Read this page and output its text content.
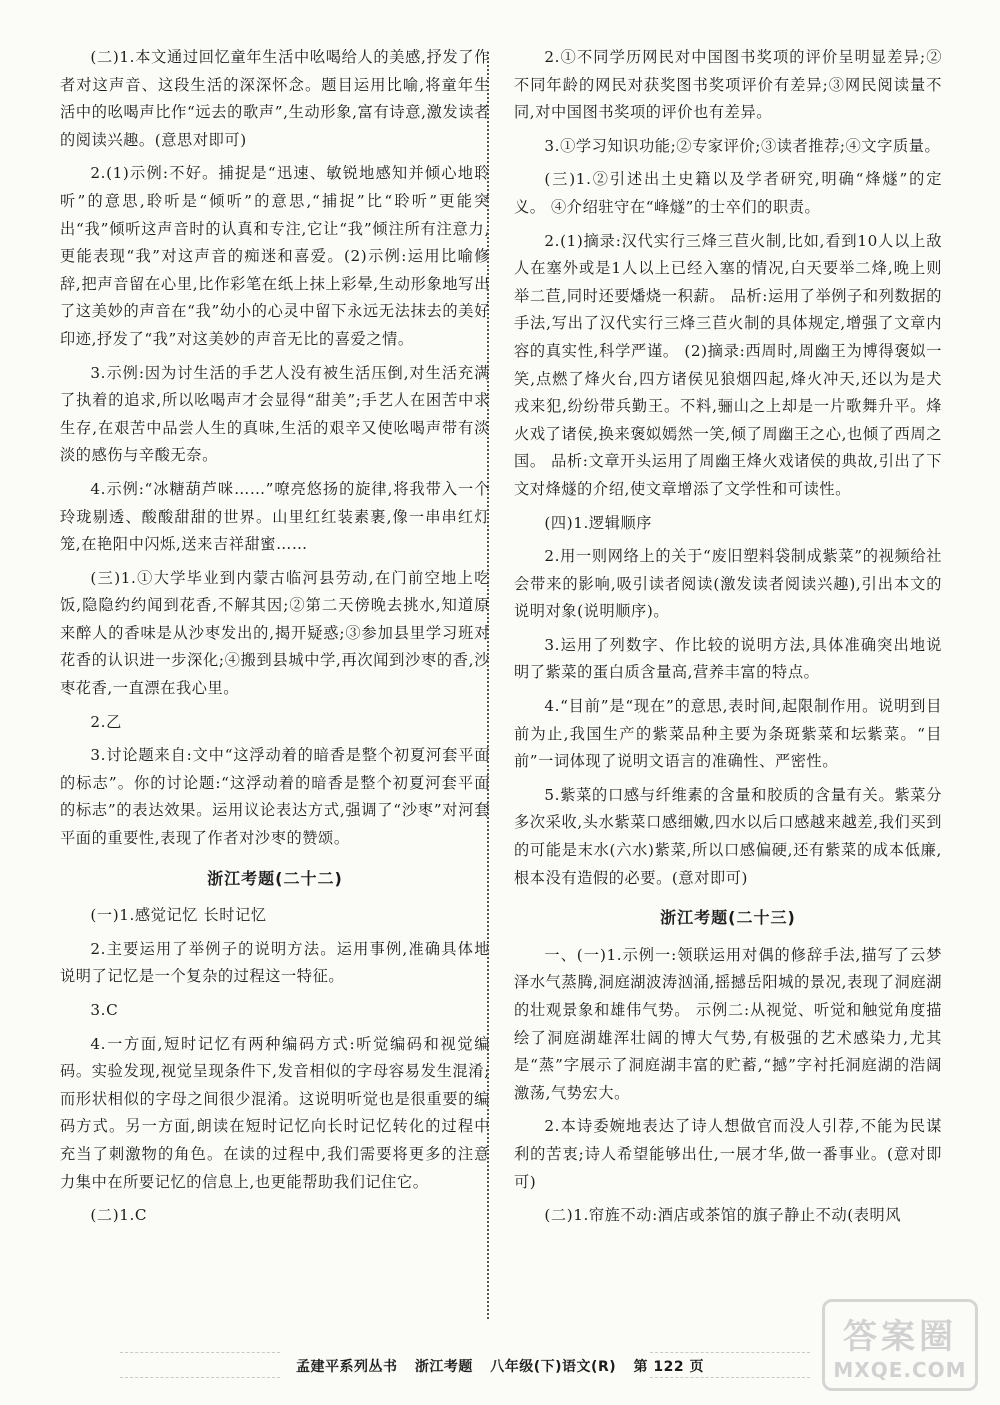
(二)1.本文通过回忆童年生活中吆喝给人的美感,抒发了作者对这声音、这段生活的深深怀念。题目运用比喻,将童年生活中的吆喝声比作“远去的歌声”,生动形象,富有诗意,激发读者的阅读兴趣。(意思对即可)
2.(1)示例:不好。捕捉是“迅速、敏锐地感知并倾心地聆听”的意思,聆听是“倾听”的意思,“捕捉”比“聆听”更能突出“我”倾听这声音时的认真和专注,它让“我”倾注所有注意力,更能表现“我”对这声音的痴迷和喜爱。(2)示例:运用比喻修辞,把声音留在心里,比作彩笔在纸上抹上彩晕,生动形象地写出了这美妙的声音在“我”幼小的心灵中留下永远无法抹去的美好印迹,抒发了“我”对这美妙的声音无比的喜爱之情。
3.示例:因为讨生活的手艺人没有被生活压倒,对生活充满了执着的追求,所以吆喝声才会显得“甜美”;手艺人在困苦中求生存,在艰苦中品尝人生的真味,生活的艰辛又使吆喝声带有淡淡的感伤与辛酸无奈。
4.示例:“冰糖葫芦咪……”嘹亮悠扬的旋律,将我带入一个玲珑剔透、酸酸甜甜的世界。山里红红装素裹,像一串串红灯笼,在艳阳中闪烁,送来吉祥甜蜜……
(三)1.①大学毕业到内蒙古临河县劳动,在门前空地上吃饭,隐隐约约闻到花香,不解其因;②第二天傍晚去挑水,知道原来醉人的香味是从沙枣发出的,揭开疑惑;③参加县里学习班对花香的认识进一步深化;④搬到县城中学,再次闻到沙枣的香,沙枣花香,一直漂在我心里。
2.乙
3.讨论题来自:文中“这浮动着的暗香是整个初夏河套平面的标志”。你的讨论题:“这浮动着的暗香是整个初夏河套平面的标志”的表达效果。运用议论表达方式,强调了“沙枣”对河套平面的重要性,表现了作者对沙枣的赞颂。
浙江考题(二十二)
(一)1.感觉记忆 长时记忆
2.主要运用了举例子的说明方法。运用事例,准确具体地说明了记忆是一个复杂的过程这一特征。
3.C
4.一方面,短时记忆有两种编码方式:听觉编码和视觉编码。实验发现,视觉呈现条件下,发音相似的字母容易发生混淆;而形状相似的字母之间很少混淆。这说明听觉也是很重要的编码方式。另一方面,朗读在短时记忆向长时记忆转化的过程中充当了刺激物的角色。在读的过程中,我们需要将更多的注意力集中在所要记忆的信息上,也更能帮助我们记住它。
(二)1.C
2.①不同学历网民对中国图书奖项的评价呈明显差异;②不同年龄的网民对获奖图书奖项评价有差异;③网民阅读量不同,对中国图书奖项的评价也有差异。
3.①学习知识功能;②专家评价;③读者推荐;④文字质量。
(三)1.②引述出土史籍以及学者研究,明确“烽燧”的定义。 ④介绍驻守在“峰燧”的士卒们的职责。
2.(1)摘录:汉代实行三烽三苣火制,比如,看到10人以上敌人在塞外或是1人以上已经入塞的情况,白天要举二烽,晚上则举二苣,同时还要燔烧一积薪。 品析:运用了举例子和列数据的手法,写出了汉代实行三烽三苣火制的具体规定,增强了文章内容的真实性,科学严谨。 (2)摘录:西周时,周幽王为博得褒姒一笑,点燃了烽火台,四方诸侯见狼烟四起,烽火冲天,还以为是犬戎来犯,纷纷带兵勤王。不料,骊山之上却是一片歌舞升平。烽火戏了诸侯,换来褒姒嫣然一笑,倾了周幽王之心,也倾了西周之国。 品析:文章开头运用了周幽王烽火戏诸侯的典故,引出了下文对烽燧的介绍,使文章增添了文学性和可读性。
(四)1.逻辑顺序
2.用一则网络上的关于“废旧塑料袋制成紫菜”的视频给社会带来的影响,吸引读者阅读(激发读者阅读兴趣),引出本文的说明对象(说明顺序)。
3.运用了列数字、作比较的说明方法,具体准确突出地说明了紫菜的蛋白质含量高,营养丰富的特点。
4.“目前”是“现在”的意思,表时间,起限制作用。说明到目前为止,我国生产的紫菜品种主要为条斑紫菜和坛紫菜。“目前”一词体现了说明文语言的准确性、严密性。
5.紫菜的口感与纤维素的含量和胶质的含量有关。紫菜分多次采收,头水紫菜口感细嫩,四水以后口感越来越差,我们买到的可能是末水(六水)紫菜,所以口感偏硬,还有紫菜的成本低廉,根本没有造假的必要。(意对即可)
浙江考题(二十三)
一、(一)1.示例一:领联运用对偶的修辞手法,描写了云梦泽水气蒸腾,洞庭湖波涛汹涌,摇撼岳阳城的景况,表现了洞庭湖的壮观景象和雄伟气势。 示例二:从视觉、听觉和触觉角度描绘了洞庭湖雄浑壮阔的博大气势,有极强的艺术感染力,尤其是“蒸”字展示了洞庭湖丰富的贮蓄,“撼”字衬托洞庭湖的浩阔激荡,气势宏大。
2.本诗委婉地表达了诗人想做官而没人引荐,不能为民谋利的苦衷;诗人希望能够出仕,一展才华,做一番事业。(意对即可)
(二)1.帘旌不动:酒店或茶馆的旗子静止不动(表明风
孟建平系列丛书 浙江考题 八年级(下)语文(R) 第 122 页
答案圈
MXQE.COM
